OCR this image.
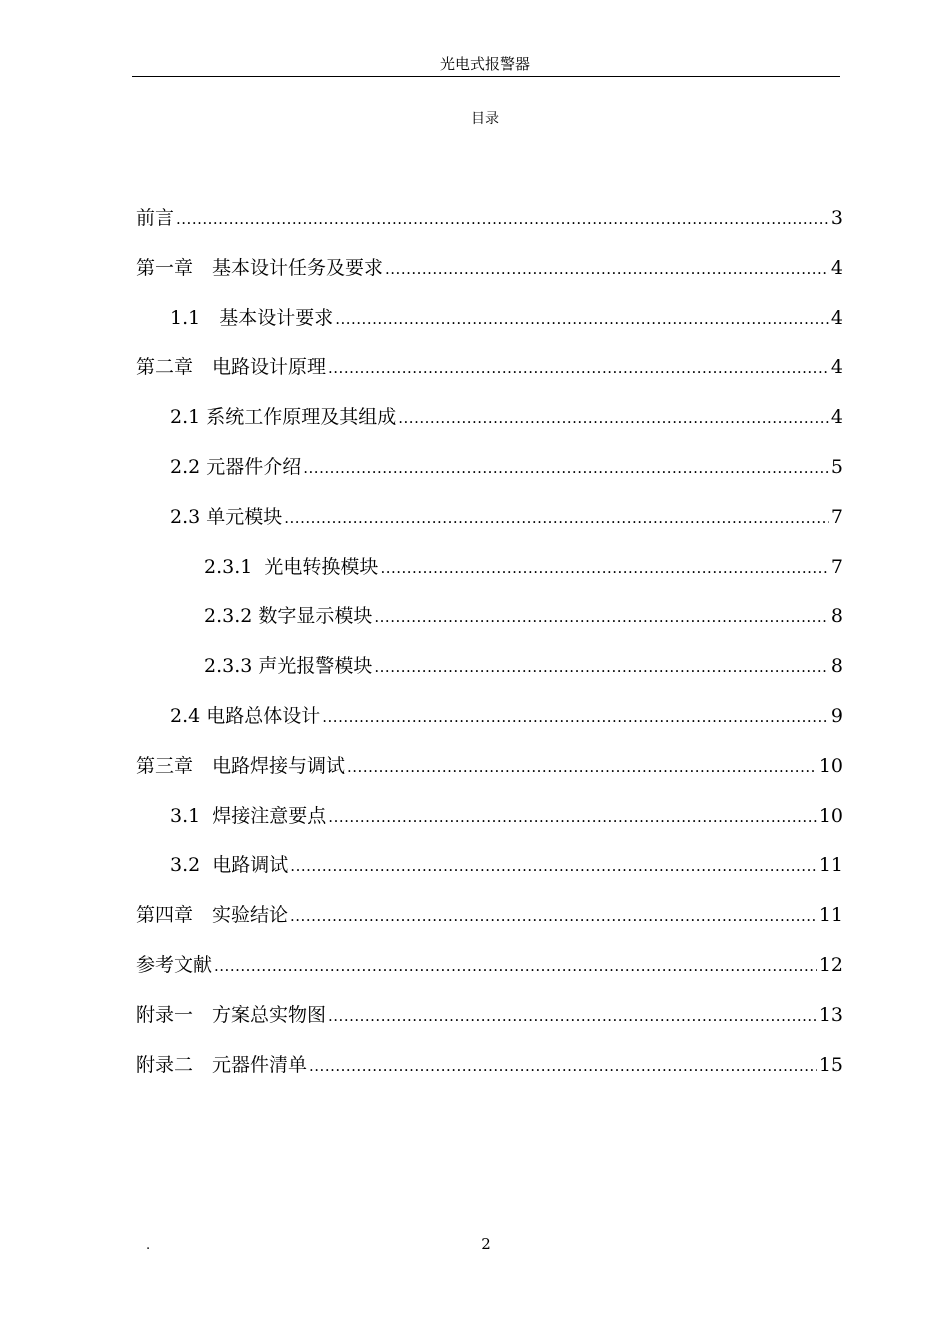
光电式报警器
目录
前言 .....	3
第一章　基本设计任务及要求 .....	4
1.1　基本设计要求 .....	4
第二章　电路设计原理 .....	4
2.1 系统工作原理及其组成 .....	4
2.2 元器件介绍 .....	5
2.3 单元模块 .....	7
2.3.1  光电转换模块 .....	7
2.3.2 数字显示模块 .....	8
2.3.3 声光报警模块 .....	8
2.4 电路总体设计 .....	9
第三章　电路焊接与调试 .....	10
3.1  焊接注意要点 .....	10
3.2  电路调试 .....	11
第四章　实验结论 .....	11
参考文献 .....	12
附录一　方案总实物图 .....	13
附录二　元器件清单 .....	15
.	2
